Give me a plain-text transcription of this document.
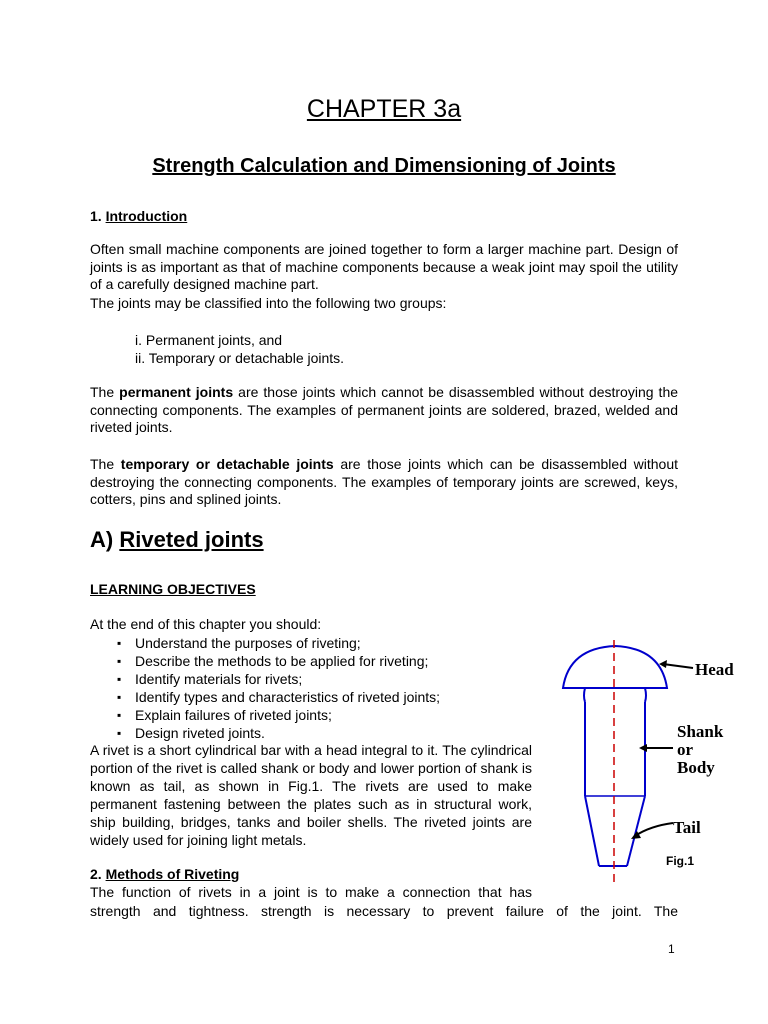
CHAPTER 3a
Strength Calculation and Dimensioning of Joints
1. Introduction
Often small machine components are joined together to form a larger machine part. Design of joints is as important as that of machine components because a weak joint may spoil the utility of a carefully designed machine part.
The joints may be classified into the following two groups:
i. Permanent joints, and
ii. Temporary or detachable joints.
The permanent joints are those joints which cannot be disassembled without destroying the connecting components. The examples of permanent joints are soldered, brazed, welded and riveted joints.
The temporary or detachable joints are those joints which can be disassembled without destroying the connecting components. The examples of temporary joints are screwed, keys, cotters, pins and splined joints.
A) Riveted joints
LEARNING OBJECTIVES
At the end of this chapter you should:
▪ Understand the purposes of riveting;
▪ Describe the methods to be applied for riveting;
▪ Identify materials for rivets;
▪ Identify types and characteristics of riveted joints;
▪ Explain failures of riveted joints;
▪ Design riveted joints.
A rivet is a short cylindrical bar with a head integral to it. The cylindrical portion of the rivet is called shank or body and lower portion of shank is known as tail, as shown in Fig.1. The rivets are used to make permanent fastening between the plates such as in structural work, ship building, bridges, tanks and boiler shells. The riveted joints are widely used for joining light metals.
2. Methods of Riveting
The function of rivets in a joint is to make a connection that has
strength and tightness. strength is necessary to prevent failure of the joint. The
Head
Shank
or
Body
Tail
Fig.1
1
